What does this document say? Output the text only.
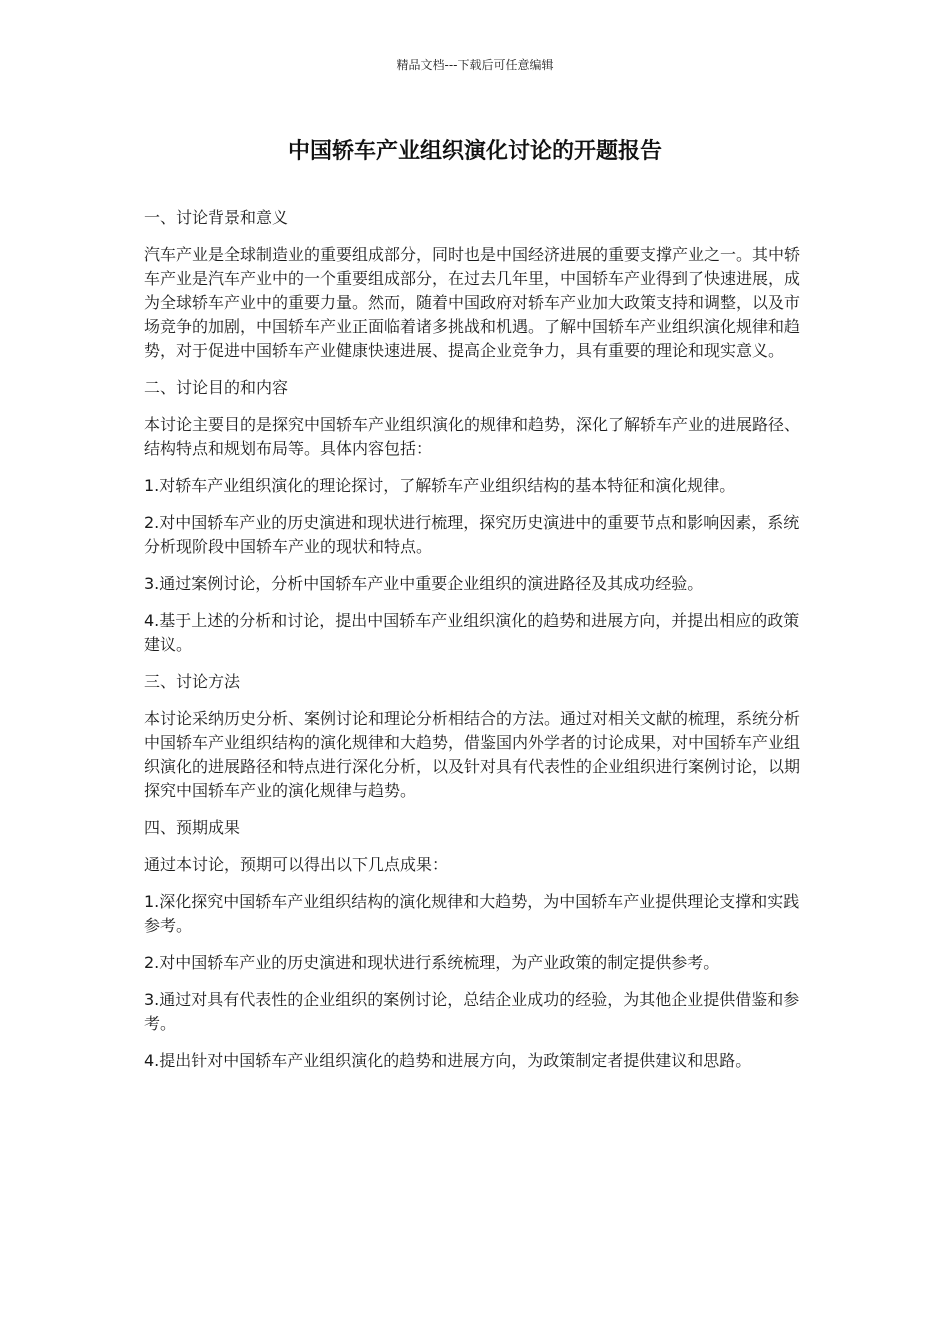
精品文档---下载后可任意编辑
中国轿车产业组织演化讨论的开题报告

一、讨论背景和意义

汽车产业是全球制造业的重要组成部分，同时也是中国经济进展的重要支撑产业之一。其中轿车产业是汽车产业中的一个重要组成部分，在过去几年里，中国轿车产业得到了快速进展，成为全球轿车产业中的重要力量。然而，随着中国政府对轿车产业加大政策支持和调整，以及市场竞争的加剧，中国轿车产业正面临着诸多挑战和机遇。了解中国轿车产业组织演化规律和趋势，对于促进中国轿车产业健康快速进展、提高企业竞争力，具有重要的理论和现实意义。

二、讨论目的和内容

本讨论主要目的是探究中国轿车产业组织演化的规律和趋势，深化了解轿车产业的进展路径、结构特点和规划布局等。具体内容包括：

1.对轿车产业组织演化的理论探讨，了解轿车产业组织结构的基本特征和演化规律。

2.对中国轿车产业的历史演进和现状进行梳理，探究历史演进中的重要节点和影响因素，系统分析现阶段中国轿车产业的现状和特点。

3.通过案例讨论，分析中国轿车产业中重要企业组织的演进路径及其成功经验。

4.基于上述的分析和讨论，提出中国轿车产业组织演化的趋势和进展方向，并提出相应的政策建议。

三、讨论方法

本讨论采纳历史分析、案例讨论和理论分析相结合的方法。通过对相关文献的梳理，系统分析中国轿车产业组织结构的演化规律和大趋势，借鉴国内外学者的讨论成果，对中国轿车产业组织演化的进展路径和特点进行深化分析，以及针对具有代表性的企业组织进行案例讨论，以期探究中国轿车产业的演化规律与趋势。

四、预期成果

通过本讨论，预期可以得出以下几点成果：

1.深化探究中国轿车产业组织结构的演化规律和大趋势，为中国轿车产业提供理论支撑和实践参考。

2.对中国轿车产业的历史演进和现状进行系统梳理，为产业政策的制定提供参考。

3.通过对具有代表性的企业组织的案例讨论，总结企业成功的经验，为其他企业提供借鉴和参考。

4.提出针对中国轿车产业组织演化的趋势和进展方向，为政策制定者提供建议和思路。
